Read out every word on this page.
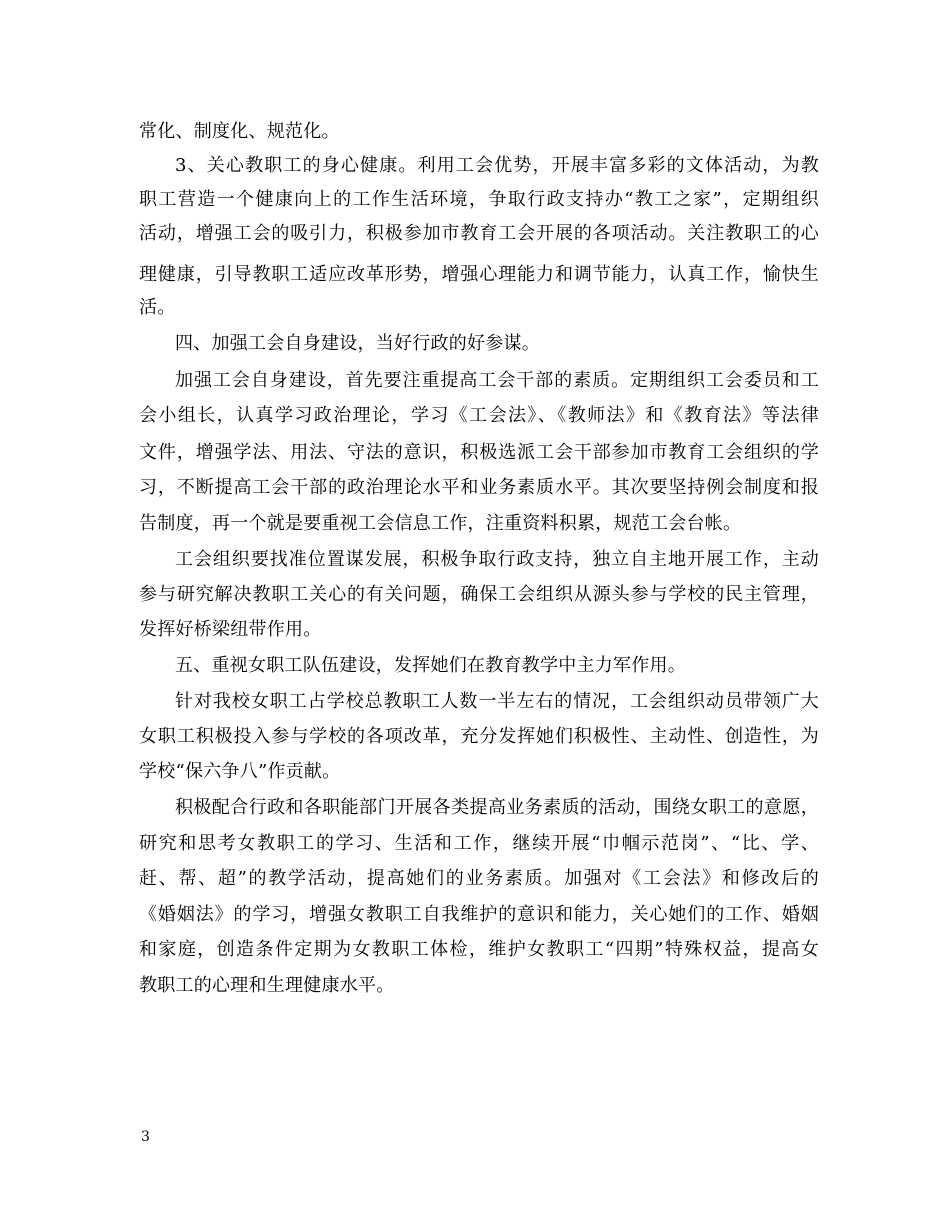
常化、制度化、规范化。
3、关心教职工的身心健康。利用工会优势，开展丰富多彩的文体活动，为教
职工营造一个健康向上的工作生活环境，争取行政支持办“教工之家”，定期组织
活动，增强工会的吸引力，积极参加市教育工会开展的各项活动。关注教职工的心
理健康，引导教职工适应改革形势，增强心理能力和调节能力，认真工作，愉快生
活。
四、加强工会自身建设，当好行政的好参谋。
加强工会自身建设，首先要注重提高工会干部的素质。定期组织工会委员和工
会小组长，认真学习政治理论，学习《工会法》、《教师法》和《教育法》等法律
文件，增强学法、用法、守法的意识，积极选派工会干部参加市教育工会组织的学
习，不断提高工会干部的政治理论水平和业务素质水平。其次要坚持例会制度和报
告制度，再一个就是要重视工会信息工作，注重资料积累，规范工会台帐。
工会组织要找准位置谋发展，积极争取行政支持，独立自主地开展工作，主动
参与研究解决教职工关心的有关问题，确保工会组织从源头参与学校的民主管理，
发挥好桥梁纽带作用。
五、重视女职工队伍建设，发挥她们在教育教学中主力军作用。
针对我校女职工占学校总教职工人数一半左右的情况，工会组织动员带领广大
女职工积极投入参与学校的各项改革，充分发挥她们积极性、主动性、创造性，为
学校“保六争八”作贡献。
积极配合行政和各职能部门开展各类提高业务素质的活动，围绕女职工的意愿，
研究和思考女教职工的学习、生活和工作，继续开展“巾帼示范岗”、“比、学、
赶、帮、超”的教学活动，提高她们的业务素质。加强对《工会法》和修改后的
《婚姻法》的学习，增强女教职工自我维护的意识和能力，关心她们的工作、婚姻
和家庭，创造条件定期为女教职工体检，维护女教职工“四期”特殊权益，提高女
教职工的心理和生理健康水平。
3
